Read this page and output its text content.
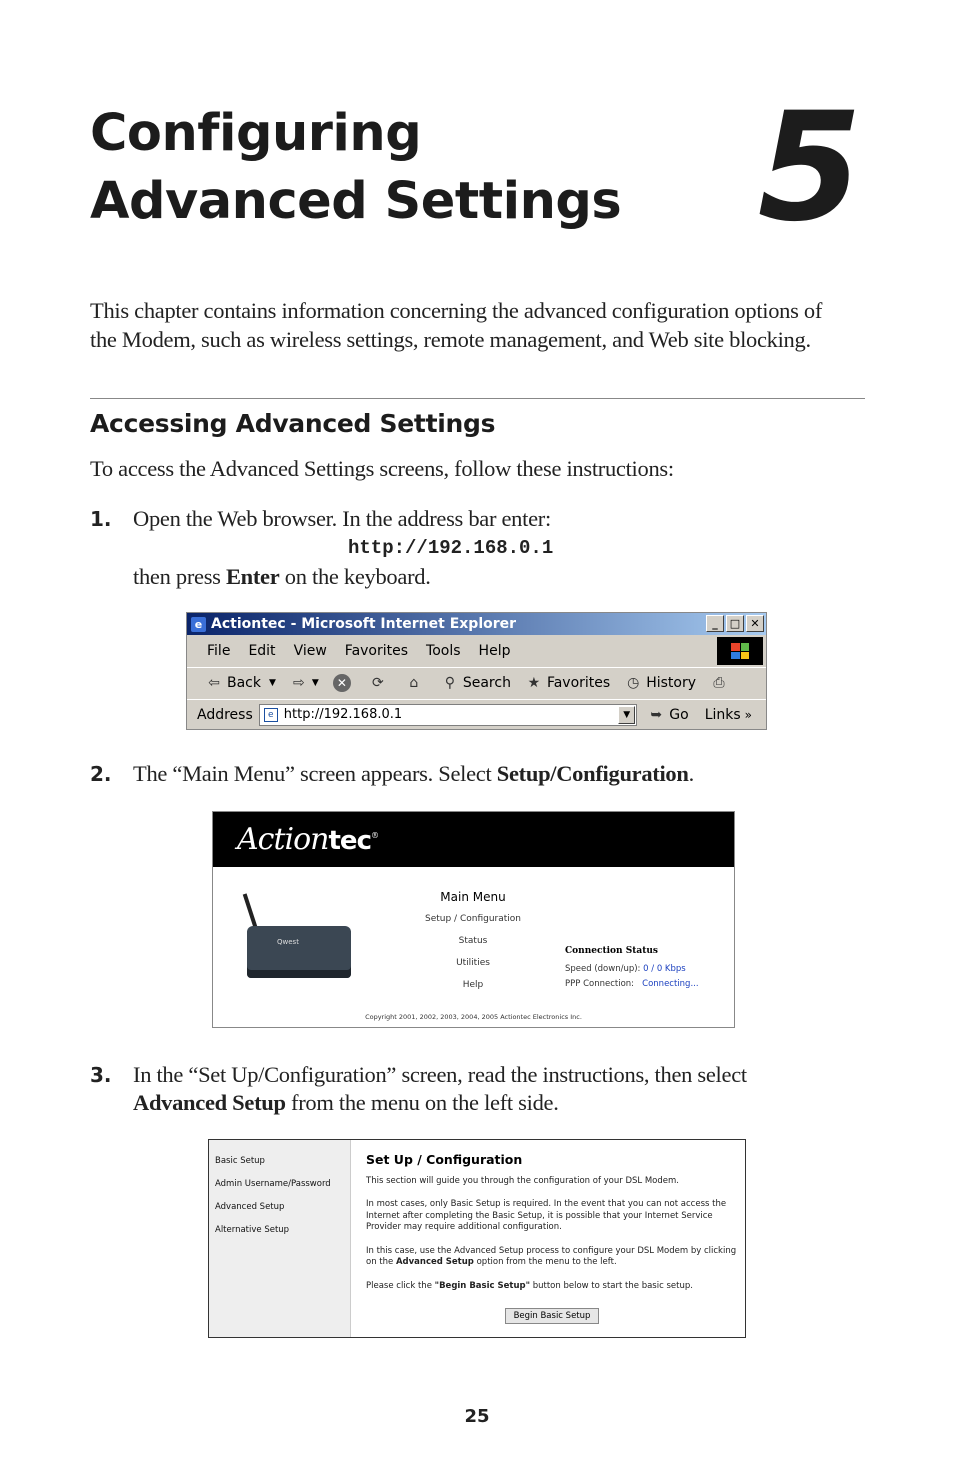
Configuring
Advanced Settings 5
This chapter contains information concerning the advanced configuration options of
the Modem, such as wireless settings, remote management, and Web site blocking.
Accessing Advanced Settings
To access the Advanced Settings screens, follow these instructions:
1. Open the Web browser. In the address bar enter:
http://192.168.0.1
then press Enter on the keyboard.
e Actiontec - Microsoft Internet Explorer	_	□ ✕
File Edit View Favorites Tools Help
⇦ Back ▼ ⇨ ▼	✕ ⟳	⌂	⚲ Search ★ Favorites ◷ History ⎙
Address	e http://192.168.0.1	▼	➥ Go Links »
2. The “Main Menu” screen appears. Select Setup/Configuration.
Actiontec®
Qwest
Main Menu
Setup / Configuration
Status
Utilities
Help
Connection Status
Speed (down/up): 0 / 0 Kbps
PPP Connection: Connecting...
Copyright 2001, 2002, 2003, 2004, 2005 Actiontec Electronics Inc.
3. In the “Set Up/Configuration” screen, read the instructions, then select
Advanced Setup from the menu on the left side.
Basic Setup
Admin Username/Password
Advanced Setup
Alternative Setup
Set Up / Configuration

This section will guide you through the configuration of your DSL Modem.

In most cases, only Basic Setup is required. In the event that you can not access the Internet after completing the Basic Setup, it is possible that your Internet Service Provider may require additional configuration.

In this case, use the Advanced Setup process to configure your DSL Modem by clicking on the Advanced Setup option from the menu to the left.

Please click the "Begin Basic Setup" button below to start the basic setup.

Begin Basic Setup
25
